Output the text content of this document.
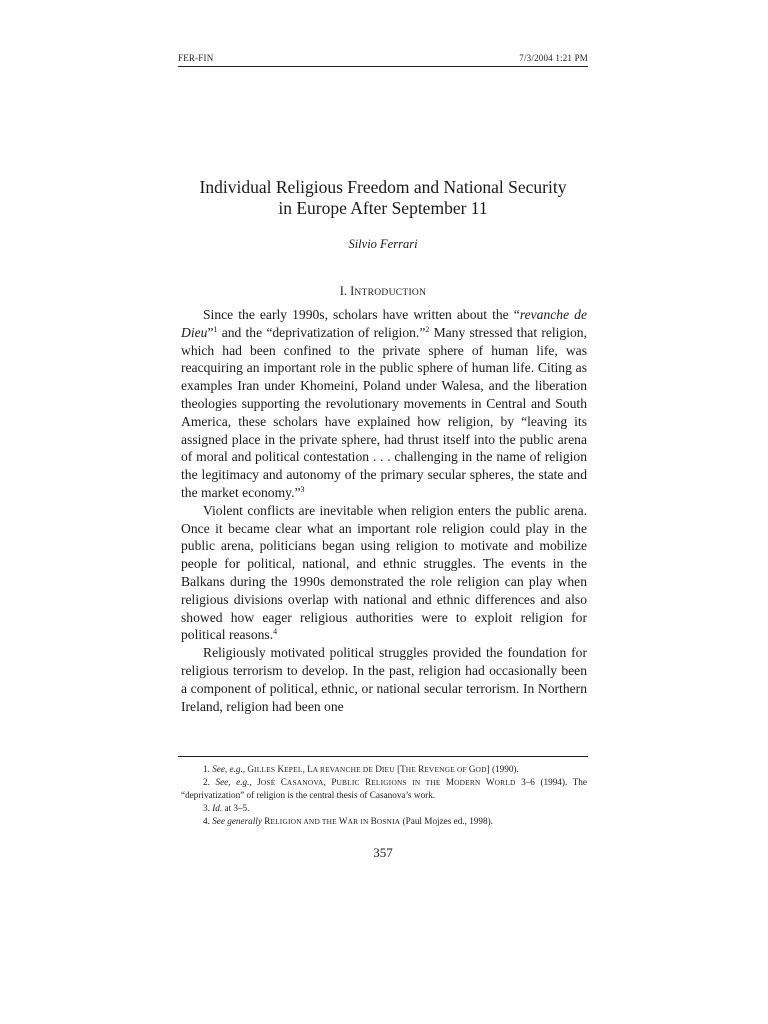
FER-FIN	7/3/2004 1:21 PM
Individual Religious Freedom and National Security
in Europe After September 11
Silvio Ferrari
I. INTRODUCTION

Since the early 1990s, scholars have written about the “revanche de Dieu”$^1$ and the “deprivatization of religion.”$^2$ Many stressed that religion, which had been confined to the private sphere of human life, was reacquiring an important role in the public sphere of human life. Citing as examples Iran under Khomeini, Poland under Walesa, and the liberation theologies supporting the revolutionary movements in Central and South America, these scholars have explained how religion, by “leaving its assigned place in the private sphere, had thrust itself into the public arena of moral and political contestation . . . challenging in the name of religion the legitimacy and autonomy of the primary secular spheres, the state and the market economy.”$^3$

Violent conflicts are inevitable when religion enters the public arena. Once it became clear what an important role religion could play in the public arena, politicians began using religion to motivate and mobilize people for political, national, and ethnic struggles. The events in the Balkans during the 1990s demonstrated the role religion can play when religious divisions overlap with national and ethnic differences and also showed how eager religious authorities were to exploit religion for political reasons.$^4$

Religiously motivated political struggles provided the foundation for religious terrorism to develop. In the past, religion had occasionally been a component of political, ethnic, or national secular terrorism. In Northern Ireland, religion had been one

1. See, e.g., GILLES KEPEL, LA REVANCHE DE DIEU [THE REVENGE OF GOD] (1990).

2. See, e.g., JOSÉ CASANOVA, PUBLIC RELIGIONS IN THE MODERN WORLD 3–6 (1994). The “deprivatization” of religion is the central thesis of Casanova’s work.

3. Id. at 3–5.

4. See generally RELIGION AND THE WAR IN BOSNIA (Paul Mojzes ed., 1998).

357
